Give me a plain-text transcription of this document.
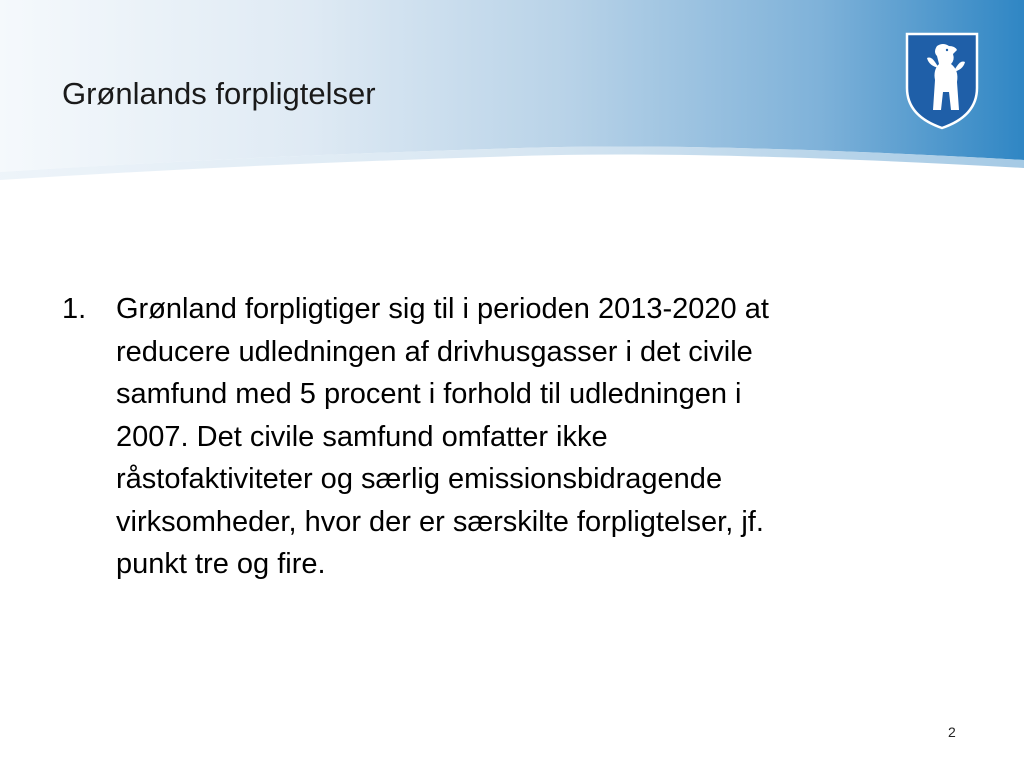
Grønlands forpligtelser
1. Grønland forpligtiger sig til i perioden 2013-2020 at
reducere udledningen af drivhusgasser i det civile
samfund med 5 procent i forhold til udledningen i
2007. Det civile samfund omfatter ikke
råstofaktiviteter og særlig emissionsbidragende
virksomheder, hvor der er særskilte forpligtelser, jf.
punkt tre og fire.
2
